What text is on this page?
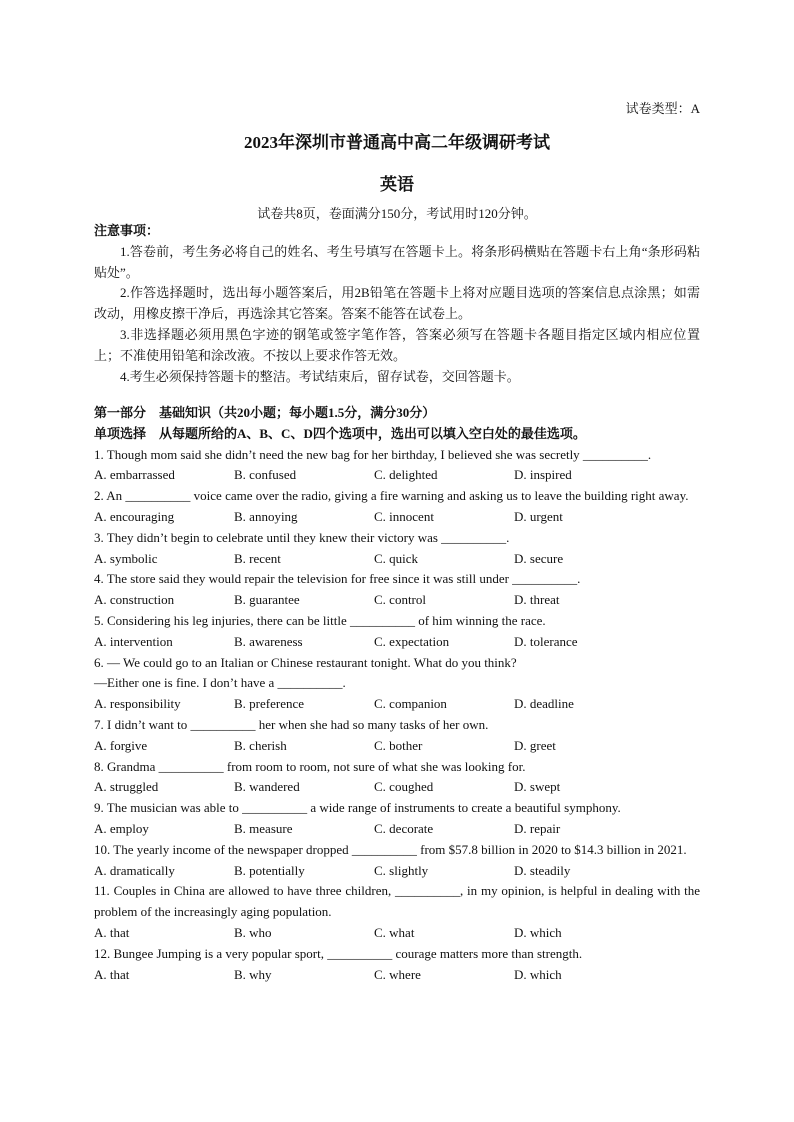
试卷类型：A
2023年深圳市普通高中高二年级调研考试
英语
试卷共8页，卷面满分150分，考试用时120分钟。
注意事项：
1.答卷前，考生务必将自己的姓名、考生号填写在答题卡上。将条形码横贴在答题卡右上角“条形码粘贴处”。
2.作答选择题时，选出每小题答案后，用2B铅笔在答题卡上将对应题目选项的答案信息点涂黑；如需改动，用橡皮擦干净后，再选涂其它答案。答案不能答在试卷上。
3.非选择题必须用黑色字迹的钢笔或签字笔作答，答案必须写在答题卡各题目指定区域内相应位置上；不准使用铅笔和涂改液。不按以上要求作答无效。
4.考生必须保持答题卡的整洁。考试结束后，留存试卷，交回答题卡。
第一部分　基础知识（共20小题；每小题1.5分，满分30分）
单项选择　从每题所给的A、B、C、D四个选项中，选出可以填入空白处的最佳选项。
1. Though mom said she didn’t need the new bag for her birthday, I believed she was secretly __________.
A. embarrassed	B. confused	C. delighted	D. inspired
2. An __________ voice came over the radio, giving a fire warning and asking us to leave the building right away.
A. encouraging	B. annoying	C. innocent	D. urgent
3. They didn’t begin to celebrate until they knew their victory was __________.
A. symbolic	B. recent	C. quick	D. secure
4. The store said they would repair the television for free since it was still under __________.
A. construction	B. guarantee	C. control	D. threat
5. Considering his leg injuries, there can be little __________ of him winning the race.
A. intervention	B. awareness	C. expectation	D. tolerance
6. — We could go to an Italian or Chinese restaurant tonight. What do you think?
—Either one is fine. I don’t have a __________.
A. responsibility	B. preference	C. companion	D. deadline
7. I didn’t want to __________ her when she had so many tasks of her own.
A. forgive	B. cherish	C. bother	D. greet
8. Grandma __________ from room to room, not sure of what she was looking for.
A. struggled	B. wandered	C. coughed	D. swept
9. The musician was able to __________ a wide range of instruments to create a beautiful symphony.
A. employ	B. measure	C. decorate	D. repair
10. The yearly income of the newspaper dropped __________ from $57.8 billion in 2020 to $14.3 billion in 2021.
A. dramatically	B. potentially	C. slightly	D. steadily
11. Couples in China are allowed to have three children, __________, in my opinion, is helpful in dealing with the problem of the increasingly aging population.
A. that	B. who	C. what	D. which
12. Bungee Jumping is a very popular sport, __________ courage matters more than strength.
A. that	B. why	C. where	D. which
